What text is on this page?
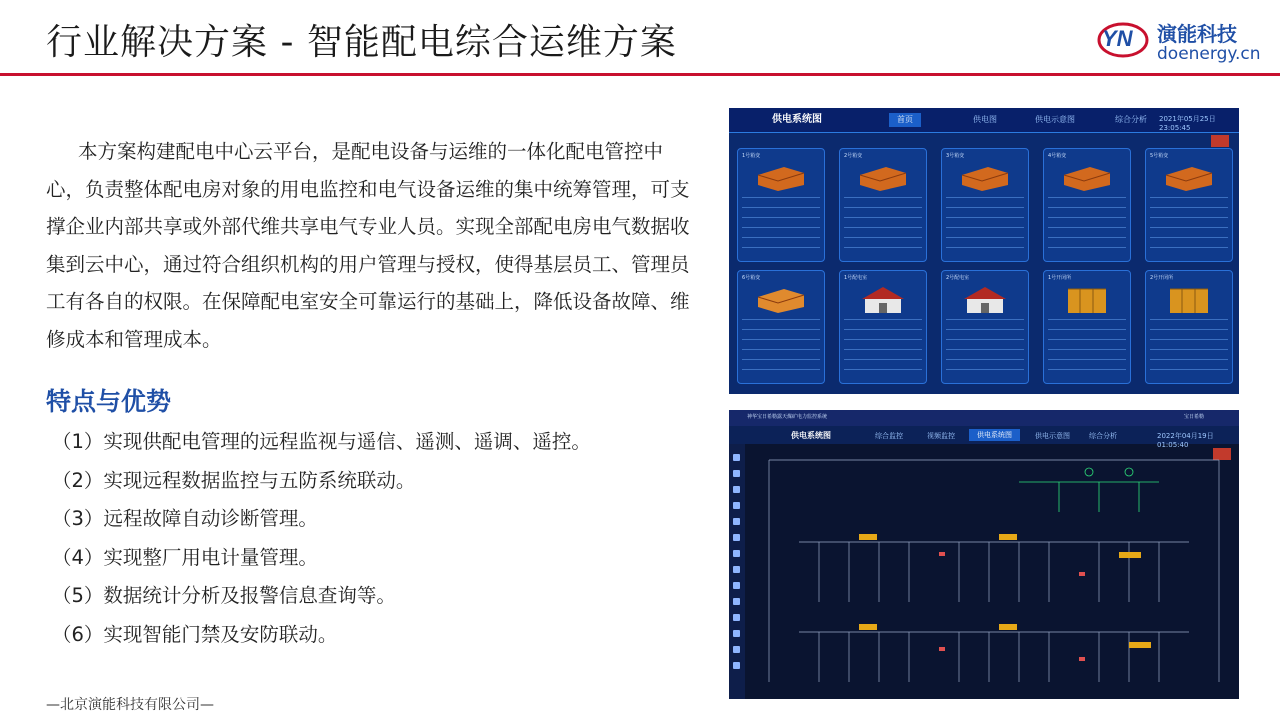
行业解决方案 - 智能配电综合运维方案	YN 演能科技
doenergy.cn
本方案构建配电中心云平台，是配电设备与运维的一体化配电管控中心，负责整体配电房对象的用电监控和电气设备运维的集中统筹管理，可支撑企业内部共享或外部代维共享电气专业人员。实现全部配电房电气数据收集到云中心，通过符合组织机构的用户管理与授权，使得基层员工、管理员工有各自的权限。在保障配电室安全可靠运行的基础上，降低设备故障、维修成本和管理成本。
特点与优势
（1）实现供配电管理的远程监视与遥信、遥测、遥调、遥控。
（2）实现远程数据监控与五防系统联动。
（3）远程故障自动诊断管理。
（4）实现整厂用电计量管理。
（5）数据统计分析及报警信息查询等。
（6）实现智能门禁及安防联动。
—北京演能科技有限公司—
供电系统图	首页	供电图	供电示意图	综合分析 2021年05月25日 23:05:45
1号箱变	2号箱变	3号箱变	4号箱变	5号箱变
6号箱变	1号配电室	2号配电室	1号开闭所	2号开闭所
神华宝日希勒露天煤矿电力监控系统	宝日希勒
供电系统图	综合监控	视频监控	供电系统图	供电示意图	综合分析	2022年04月19日 01:05:40
